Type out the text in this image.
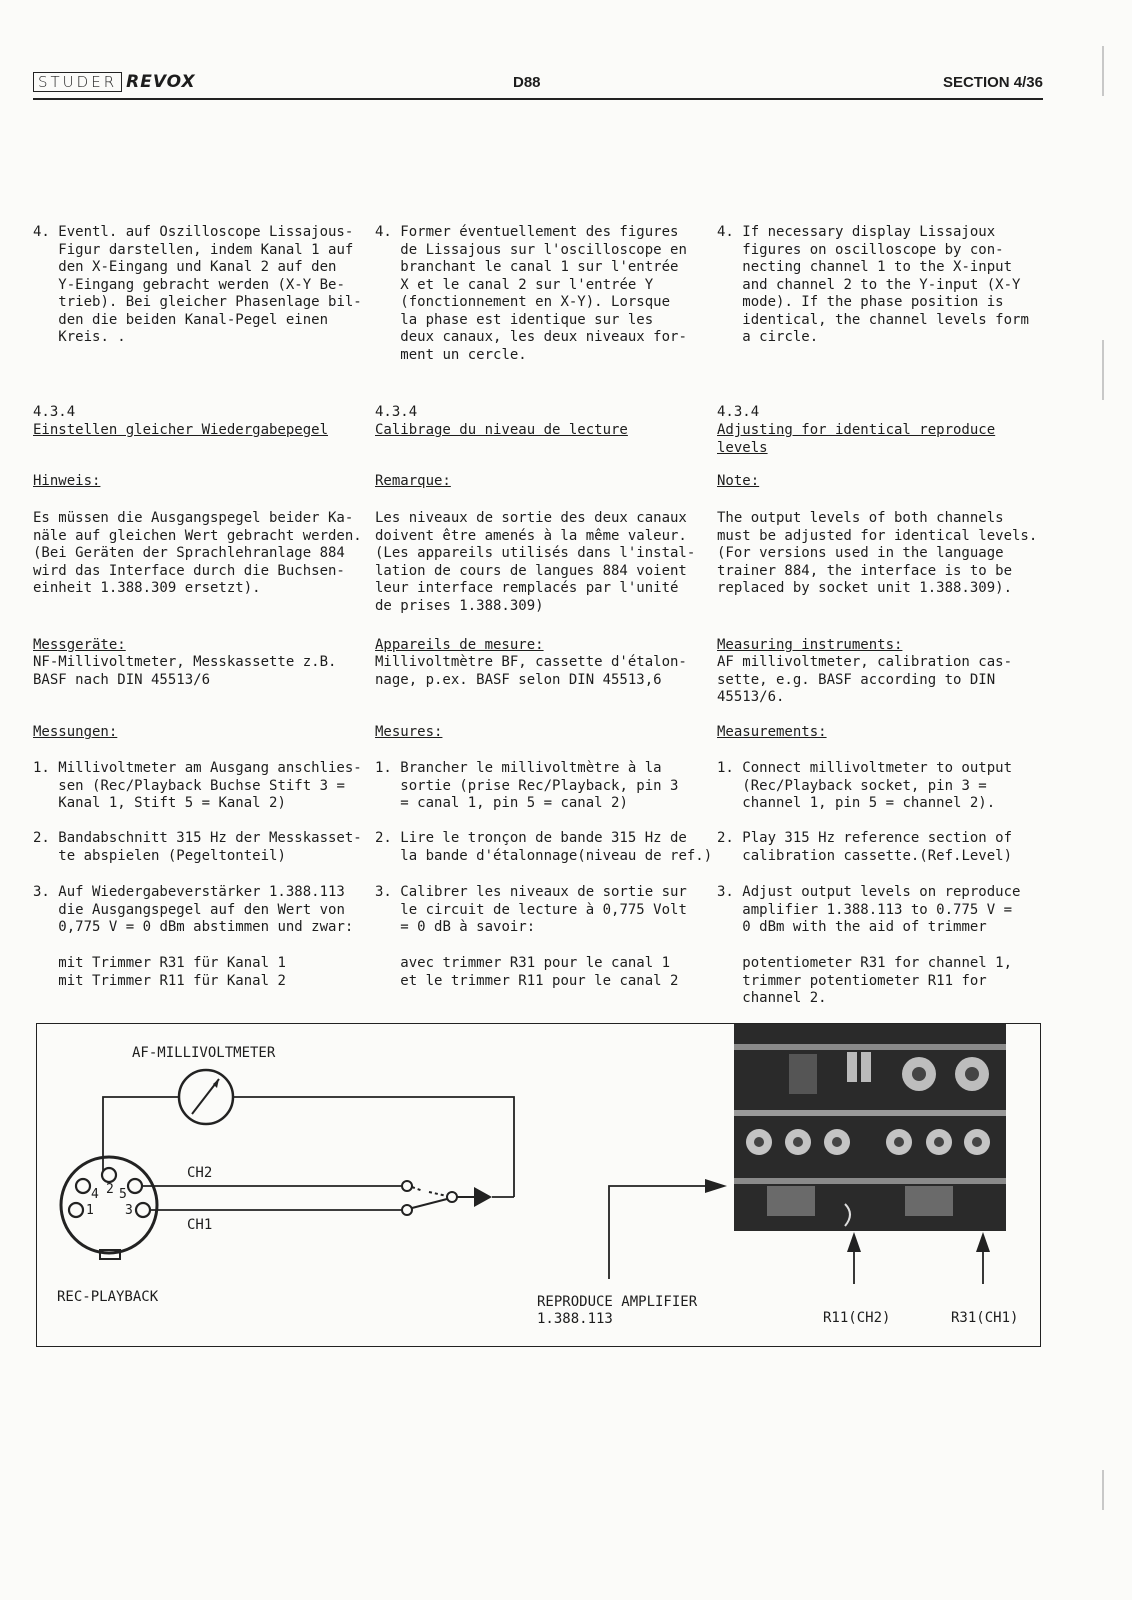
STUDER REVOX	D88	SECTION 4/36
4. Eventl. auf Oszilloscope Lissajous-
Figur darstellen, indem Kanal 1 auf
den X-Eingang und Kanal 2 auf den
Y-Eingang gebracht werden (X-Y Be-
trieb). Bei gleicher Phasenlage bil-
den die beiden Kanal-Pegel einen
Kreis. .
4.3.4
Einstellen gleicher Wiedergabepegel
Hinweis:
Es müssen die Ausgangspegel beider Ka-
näle auf gleichen Wert gebracht werden.
(Bei Geräten der Sprachlehranlage 884
wird das Interface durch die Buchsen-
einheit 1.388.309 ersetzt).
Messgeräte:
NF-Millivoltmeter, Messkassette z.B.
BASF nach DIN 45513/6
Messungen:
1. Millivoltmeter am Ausgang anschlies-
sen (Rec/Playback Buchse Stift 3 =
Kanal 1, Stift 5 = Kanal 2)
2. Bandabschnitt 315 Hz der Messkasset-
te abspielen (Pegeltonteil)
3. Auf Wiedergabeverstärker 1.388.113
die Ausgangspegel auf den Wert von
0,775 V = 0 dBm abstimmen und zwar:
mit Trimmer R31 für Kanal 1
mit Trimmer R11 für Kanal 2
4. Former éventuellement des figures
de Lissajous sur l'oscilloscope en
branchant le canal 1 sur l'entrée
X et le canal 2 sur l'entrée Y
(fonctionnement en X-Y). Lorsque
la phase est identique sur les
deux canaux, les deux niveaux for-
ment un cercle.
4.3.4
Calibrage du niveau de lecture
Remarque:
Les niveaux de sortie des deux canaux
doivent être amenés à la même valeur.
(Les appareils utilisés dans l'instal-
lation de cours de langues 884 voient
leur interface remplacés par l'unité
de prises 1.388.309)
Appareils de mesure:
Millivoltmètre BF, cassette d'étalon-
nage, p.ex. BASF selon DIN 45513,6
Mesures:
1. Brancher le millivoltmètre à la
sortie (prise Rec/Playback, pin 3
= canal 1, pin 5 = canal 2)
2. Lire le tronçon de bande 315 Hz de
la bande d'étalonnage(niveau de ref.)
3. Calibrer les niveaux de sortie sur
le circuit de lecture à 0,775 Volt
= 0 dB à savoir:
avec trimmer R31 pour le canal 1
et le trimmer R11 pour le canal 2
4. If necessary display Lissajoux
figures on oscilloscope by con-
necting channel 1 to the X-input
and channel 2 to the Y-input (X-Y
mode). If the phase position is
identical, the channel levels form
a circle.
4.3.4
Adjusting for identical reproduce
levels
Note:
The output levels of both channels
must be adjusted for identical levels.
(For versions used in the language
trainer 884, the interface is to be
replaced by socket unit 1.388.309).
Measuring instruments:
AF millivoltmeter, calibration cas-
sette, e.g. BASF according to DIN
45513/6.
Measurements:
1. Connect millivoltmeter to output
(Rec/Playback socket, pin 3 =
channel 1, pin 5 = channel 2).
2. Play 315 Hz reference section of
calibration cassette.(Ref.Level)
3. Adjust output levels on reproduce
amplifier 1.388.113 to 0.775 V =
0 dBm with the aid of trimmer
potentiometer R31 for channel 1,
trimmer potentiometer R11 for
channel 2.
AF-MILLIVOLTMETER
CH2
CH1
4 2 5
1 3
REC-PLAYBACK	REPRODUCE AMPLIFIER
1.388.113	R11(CH2)	R31(CH1)
